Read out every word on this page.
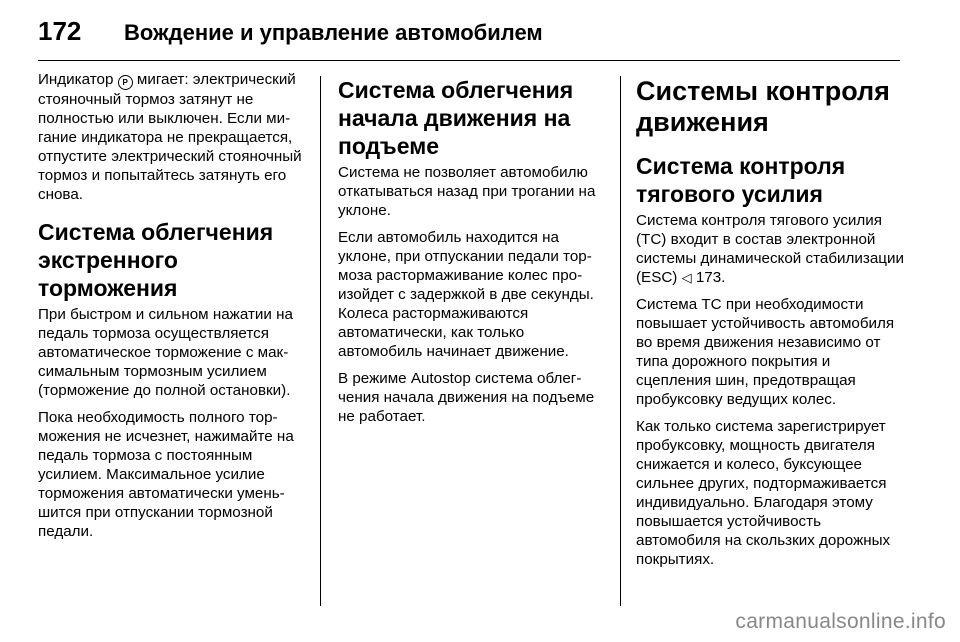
172	Вождение и управление автомобилем

Индикатор P мигает: электрический стояночный тормоз затянут не полностью или выключен. Если мигание индикатора не прекращается, отпустите электрический стояночный тормоз и попытайтесь затянуть его снова.

Система облегчения экстренного торможения

При быстром и сильном нажатии на педаль тормоза осуществляется автоматическое торможение с максимальным тормозным усилием (торможение до полной остановки).

Пока необходимость полного торможения не исчезнет, нажимайте на педаль тормоза с постоянным усилием. Максимальное усилие торможения автоматически уменьшится при отпускании тормозной педали.

Система облегчения начала движения на подъеме

Система не позволяет автомобилю откатываться назад при трогании на уклоне.

Если автомобиль находится на уклоне, при отпускании педали тормоза растормаживание колес произойдет с задержкой в две секунды. Колеса растормаживаются автоматически, как только автомобиль начинает движение.

В режиме Autostop система облегчения начала движения на подъеме не работает.

Системы контроля движения
Система контроля тягового усилия

Система контроля тягового усилия (TC) входит в состав электронной системы динамической стабилизации (ESC) ◁ 173.

Система TC при необходимости повышает устойчивость автомобиля во время движения независимо от типа дорожного покрытия и сцепления шин, предотвращая пробуксовку ведущих колес.

Как только система зарегистрирует пробуксовку, мощность двигателя снижается и колесо, буксующее сильнее других, подтормаживается индивидуально. Благодаря этому повышается устойчивость автомобиля на скользких дорожных покрытиях.

carmanualsonline.info
